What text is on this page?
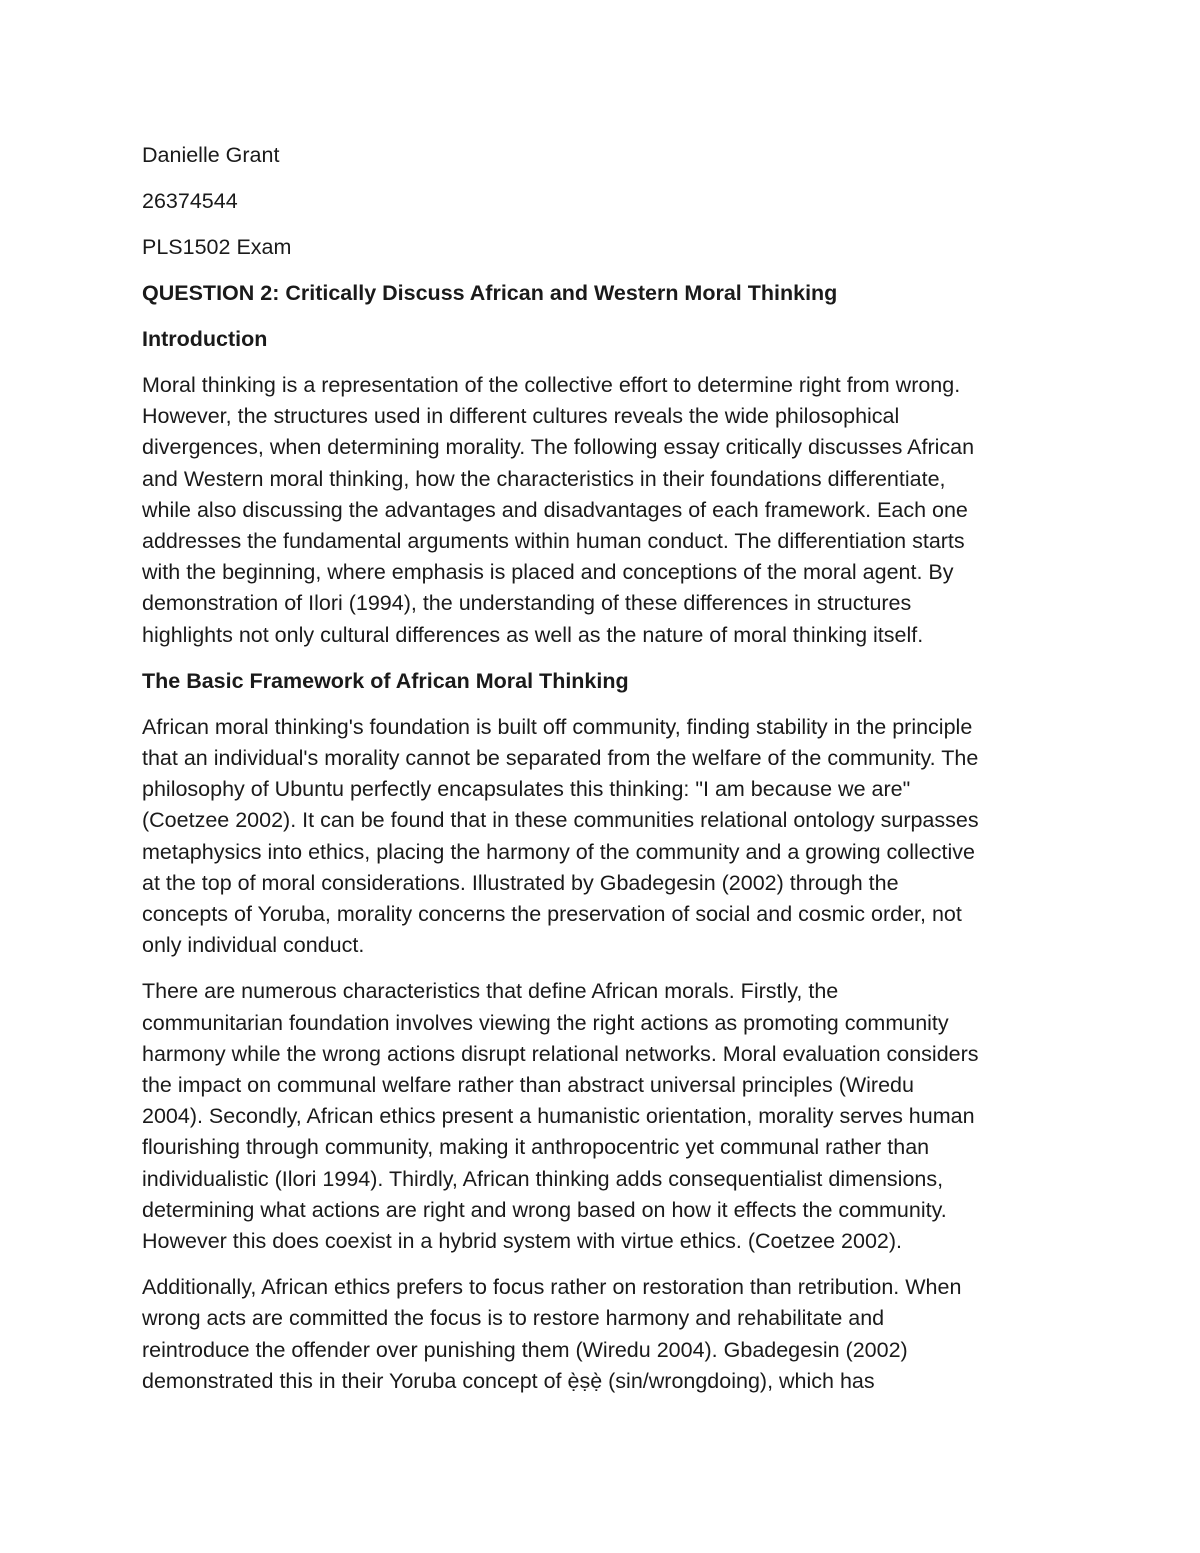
Danielle Grant

26374544

PLS1502 Exam

QUESTION 2: Critically Discuss African and Western Moral Thinking

Introduction

Moral thinking is a representation of the collective effort to determine right from wrong.

However, the structures used in different cultures reveals the wide philosophical

divergences, when determining morality. The following essay critically discusses African

and Western moral thinking, how the characteristics in their foundations differentiate,

while also discussing the advantages and disadvantages of each framework. Each one

addresses the fundamental arguments within human conduct. The differentiation starts

with the beginning, where emphasis is placed and conceptions of the moral agent. By

demonstration of Ilori (1994), the understanding of these differences in structures

highlights not only cultural differences as well as the nature of moral thinking itself.

The Basic Framework of African Moral Thinking

African moral thinking's foundation is built off community, finding stability in the principle

that an individual's morality cannot be separated from the welfare of the community. The

philosophy of Ubuntu perfectly encapsulates this thinking: "I am because we are"

(Coetzee 2002). It can be found that in these communities relational ontology surpasses

metaphysics into ethics, placing the harmony of the community and a growing collective

at the top of moral considerations. Illustrated by Gbadegesin (2002) through the

concepts of Yoruba, morality concerns the preservation of social and cosmic order, not

only individual conduct.

There are numerous characteristics that define African morals. Firstly, the

communitarian foundation involves viewing the right actions as promoting community

harmony while the wrong actions disrupt relational networks. Moral evaluation considers

the impact on communal welfare rather than abstract universal principles (Wiredu

2004). Secondly, African ethics present a humanistic orientation, morality serves human

flourishing through community, making it anthropocentric yet communal rather than

individualistic (Ilori 1994). Thirdly, African thinking adds consequentialist dimensions,

determining what actions are right and wrong based on how it effects the community.

However this does coexist in a hybrid system with virtue ethics. (Coetzee 2002).

Additionally, African ethics prefers to focus rather on restoration than retribution. When

wrong acts are committed the focus is to restore harmony and rehabilitate and

reintroduce the offender over punishing them (Wiredu 2004). Gbadegesin (2002)

demonstrated this in their Yoruba concept of ẹ̀ṣẹ̀ (sin/wrongdoing), which has
